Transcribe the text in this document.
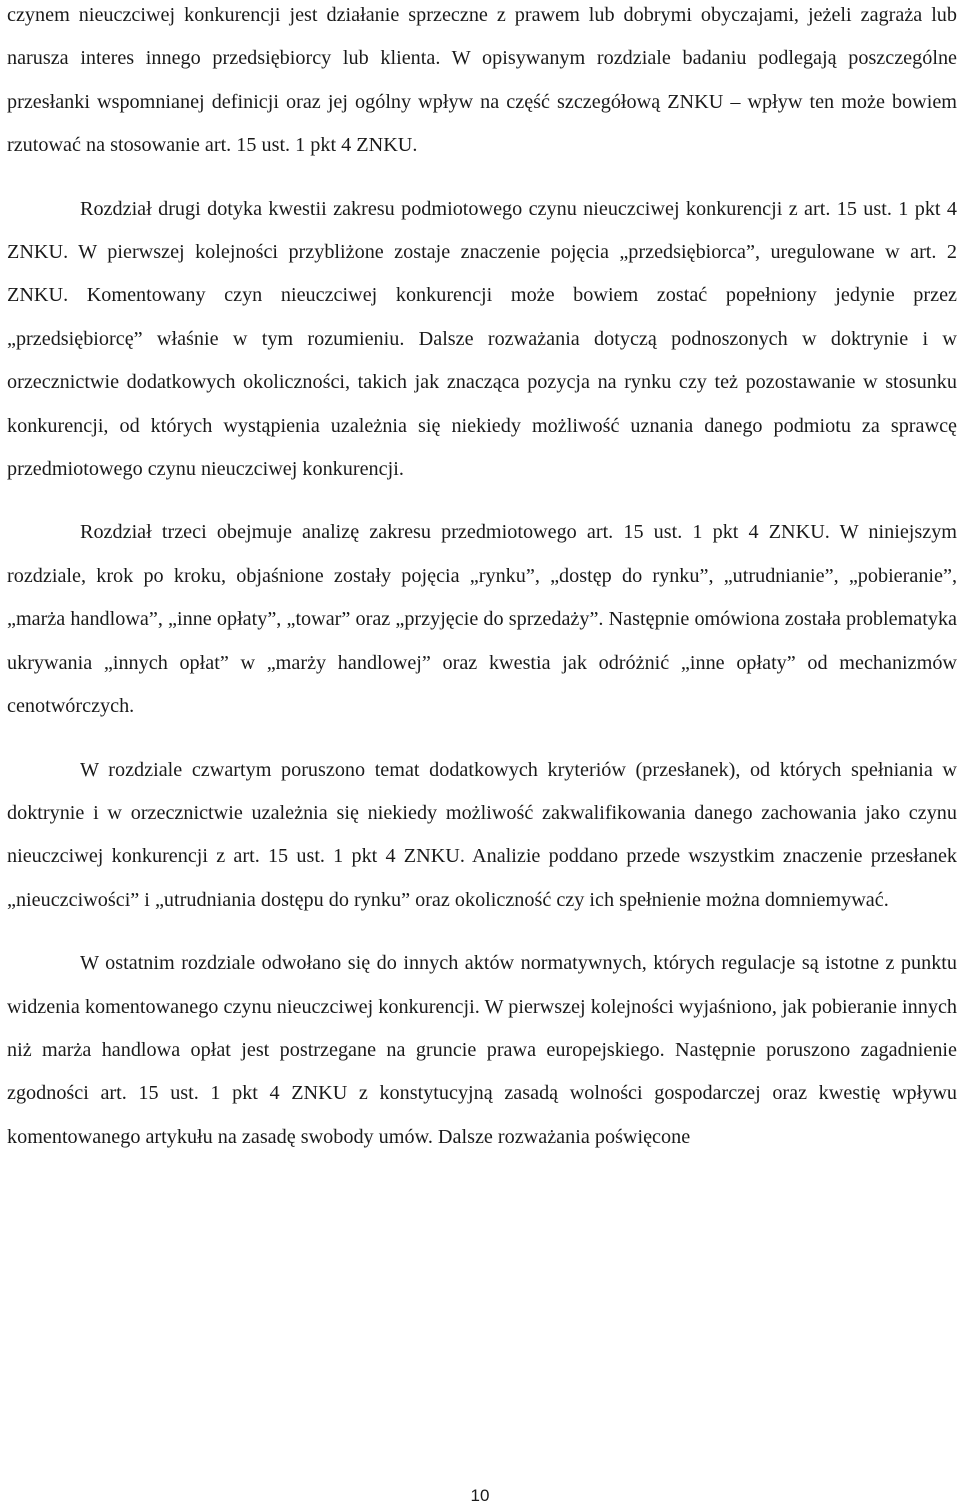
czynem nieuczciwej konkurencji jest działanie sprzeczne z prawem lub dobrymi obyczajami, jeżeli zagraża lub narusza interes innego przedsiębiorcy lub klienta. W opisywanym rozdziale badaniu podlegają poszczególne przesłanki wspomnianej definicji oraz jej ogólny wpływ na część szczegółową ZNKU – wpływ ten może bowiem rzutować na stosowanie art. 15 ust. 1 pkt 4 ZNKU.

Rozdział drugi dotyka kwestii zakresu podmiotowego czynu nieuczciwej konkurencji z art. 15 ust. 1 pkt 4 ZNKU. W pierwszej kolejności przybliżone zostaje znaczenie pojęcia „przedsiębiorca”, uregulowane w art. 2 ZNKU. Komentowany czyn nieuczciwej konkurencji może bowiem zostać popełniony jedynie przez „przedsiębiorcę” właśnie w tym rozumieniu. Dalsze rozważania dotyczą podnoszonych w doktrynie i w orzecznictwie dodatkowych okoliczności, takich jak znacząca pozycja na rynku czy też pozostawanie w stosunku konkurencji, od których wystąpienia uzależnia się niekiedy możliwość uznania danego podmiotu za sprawcę przedmiotowego czynu nieuczciwej konkurencji.

Rozdział trzeci obejmuje analizę zakresu przedmiotowego art. 15 ust. 1 pkt 4 ZNKU. W niniejszym rozdziale, krok po kroku, objaśnione zostały pojęcia „rynku”, „dostęp do rynku”, „utrudnianie”, „pobieranie”, „marża handlowa”, „inne opłaty”, „towar” oraz „przyjęcie do sprzedaży”. Następnie omówiona została problematyka ukrywania „innych opłat” w „marży handlowej” oraz kwestia jak odróżnić „inne opłaty” od mechanizmów cenotwórczych.

W rozdziale czwartym poruszono temat dodatkowych kryteriów (przesłanek), od których spełniania w doktrynie i w orzecznictwie uzależnia się niekiedy możliwość zakwalifikowania danego zachowania jako czynu nieuczciwej konkurencji z art. 15 ust. 1 pkt 4 ZNKU. Analizie poddano przede wszystkim znaczenie przesłanek „nieuczciwości” i „utrudniania dostępu do rynku” oraz okoliczność czy ich spełnienie można domniemywać.

W ostatnim rozdziale odwołano się do innych aktów normatywnych, których regulacje są istotne z punktu widzenia komentowanego czynu nieuczciwej konkurencji. W pierwszej kolejności wyjaśniono, jak pobieranie innych niż marża handlowa opłat jest postrzegane na gruncie prawa europejskiego. Następnie poruszono zagadnienie zgodności art. 15 ust. 1 pkt 4 ZNKU z konstytucyjną zasadą wolności gospodarczej oraz kwestię wpływu komentowanego artykułu na zasadę swobody umów. Dalsze rozważania poświęcone

10
